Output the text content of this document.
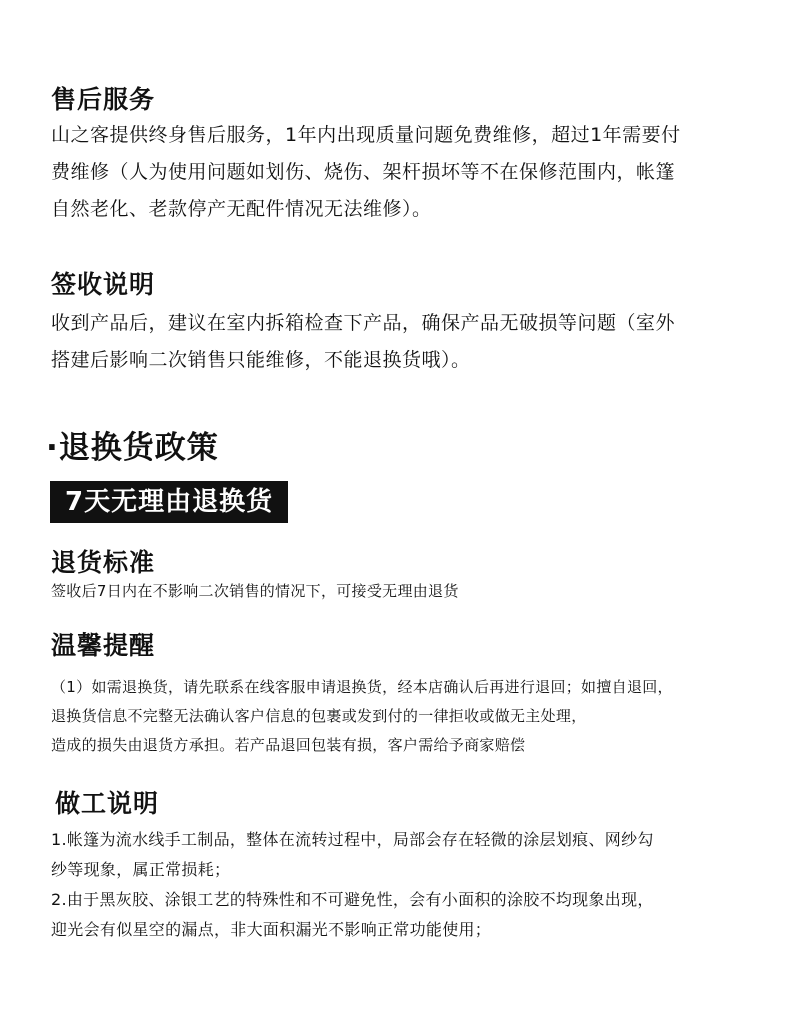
售后服务
山之客提供终身售后服务，1年内出现质量问题免费维修，超过1年需要付
费维修（人为使用问题如划伤、烧伤、架杆损坏等不在保修范围内，帐篷
自然老化、老款停产无配件情况无法维修）。
签收说明
收到产品后，建议在室内拆箱检查下产品，确保产品无破损等问题（室外
搭建后影响二次销售只能维修，不能退换货哦）。
·退换货政策
7天无理由退换货
退货标准
签收后7日内在不影响二次销售的情况下，可接受无理由退货
温馨提醒
（1）如需退换货，请先联系在线客服申请退换货，经本店确认后再进行退回；如擅自退回，
退换货信息不完整无法确认客户信息的包裹或发到付的一律拒收或做无主处理，
造成的损失由退货方承担。若产品退回包装有损，客户需给予商家赔偿
做工说明
1.帐篷为流水线手工制品，整体在流转过程中，局部会存在轻微的涂层划痕、网纱勾
纱等现象，属正常损耗；
2.由于黑灰胶、涂银工艺的特殊性和不可避免性，会有小面积的涂胶不均现象出现，
迎光会有似星空的漏点，非大面积漏光不影响正常功能使用；
